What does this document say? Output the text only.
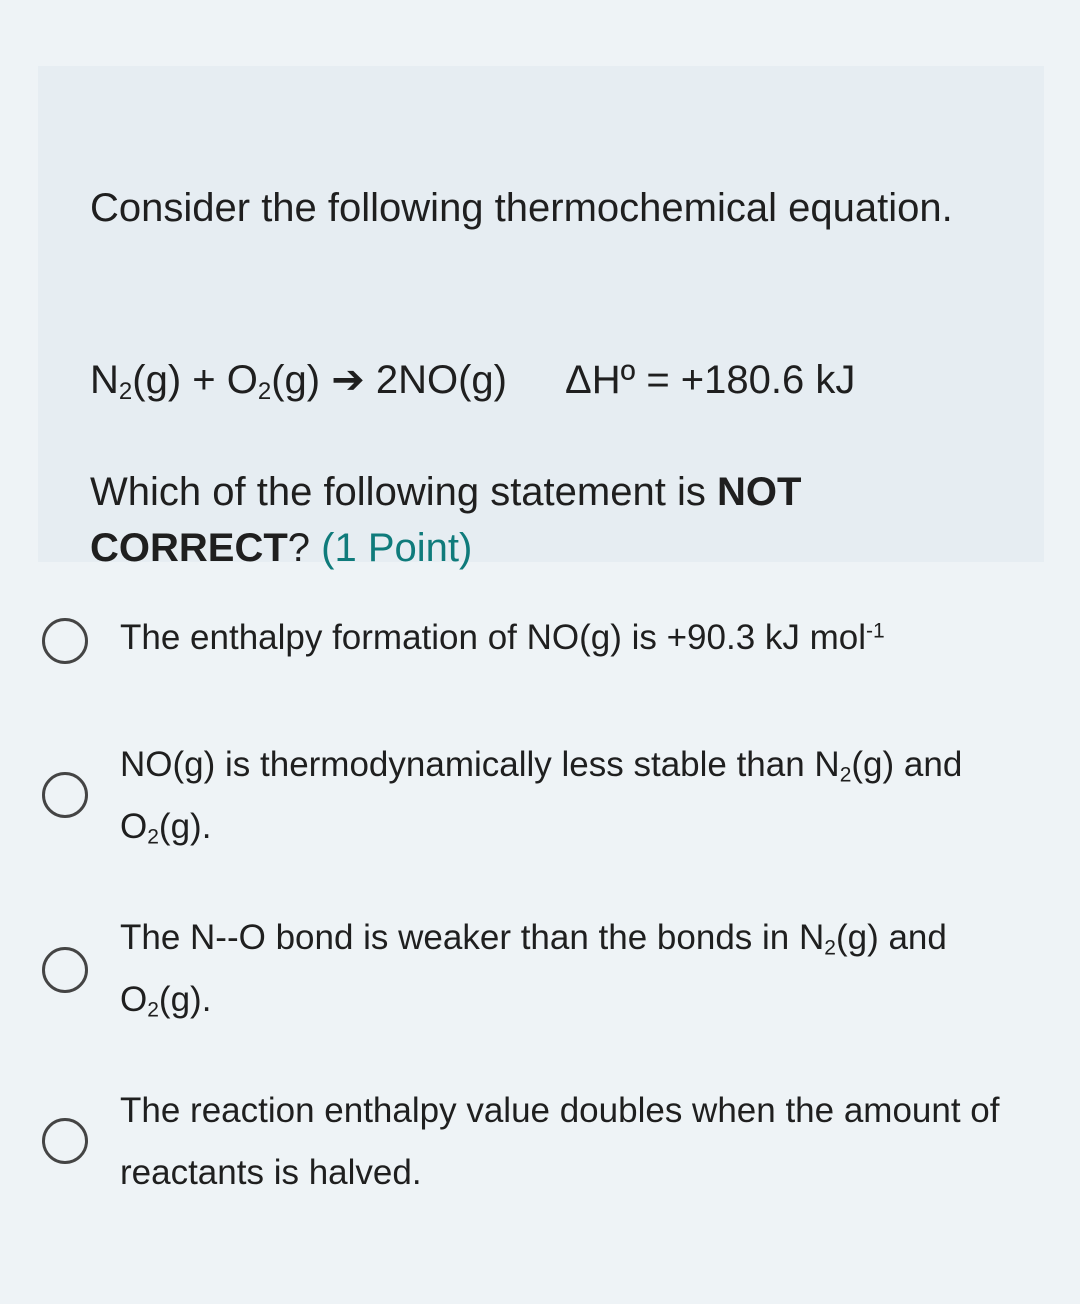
Consider the following thermochemical equation.

$N_2(g) + O_2(g)$ ➔ 2NO(g) ΔHº = +180.6 kJ

Which of the following statement is NOT CORRECT? (1 Point)

The enthalpy formation of NO(g) is +90.3 kJ mol$^{-1}$
NO(g) is thermodynamically less stable than $N_2(g)$ and $O_2(g)$.
The N--O bond is weaker than the bonds in $N_2(g)$ and $O_2(g)$.
The reaction enthalpy value doubles when the amount of reactants is halved.
